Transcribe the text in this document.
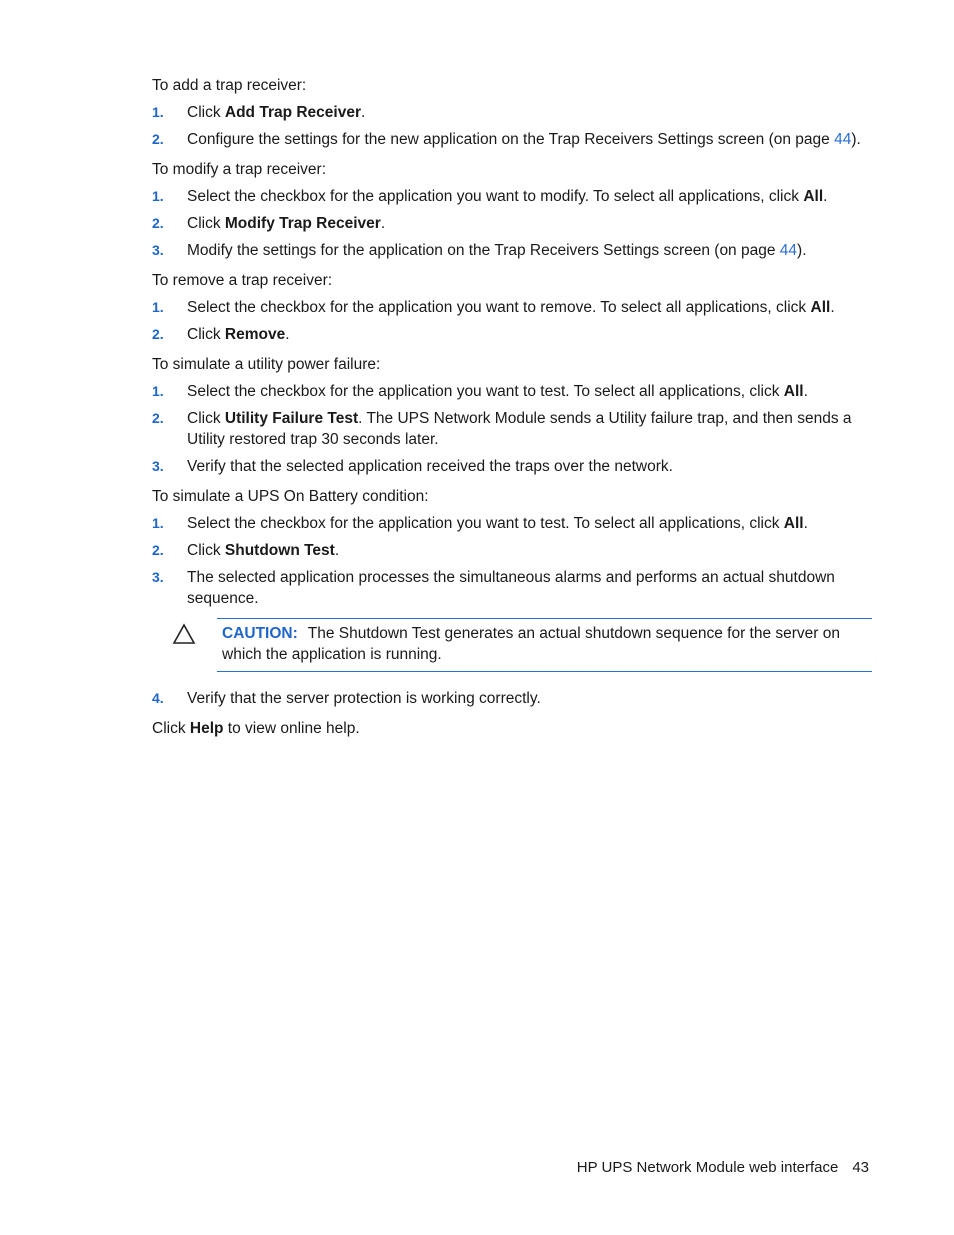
To add a trap receiver:

1. Click Add Trap Receiver.
2. Configure the settings for the new application on the Trap Receivers Settings screen (on page 44).

To modify a trap receiver:

1. Select the checkbox for the application you want to modify. To select all applications, click All.
2. Click Modify Trap Receiver.
3. Modify the settings for the application on the Trap Receivers Settings screen (on page 44).

To remove a trap receiver:

1. Select the checkbox for the application you want to remove. To select all applications, click All.
2. Click Remove.

To simulate a utility power failure:

1. Select the checkbox for the application you want to test. To select all applications, click All.
2. Click Utility Failure Test. The UPS Network Module sends a Utility failure trap, and then sends a Utility restored trap 30 seconds later.
3. Verify that the selected application received the traps over the network.

To simulate a UPS On Battery condition:

1. Select the checkbox for the application you want to test. To select all applications, click All.
2. Click Shutdown Test.
3. The selected application processes the simultaneous alarms and performs an actual shutdown sequence.
CAUTION: The Shutdown Test generates an actual shutdown sequence for the server on which the application is running.
4. Verify that the server protection is working correctly.

Click Help to view online help.

HP UPS Network Module web interface 43
